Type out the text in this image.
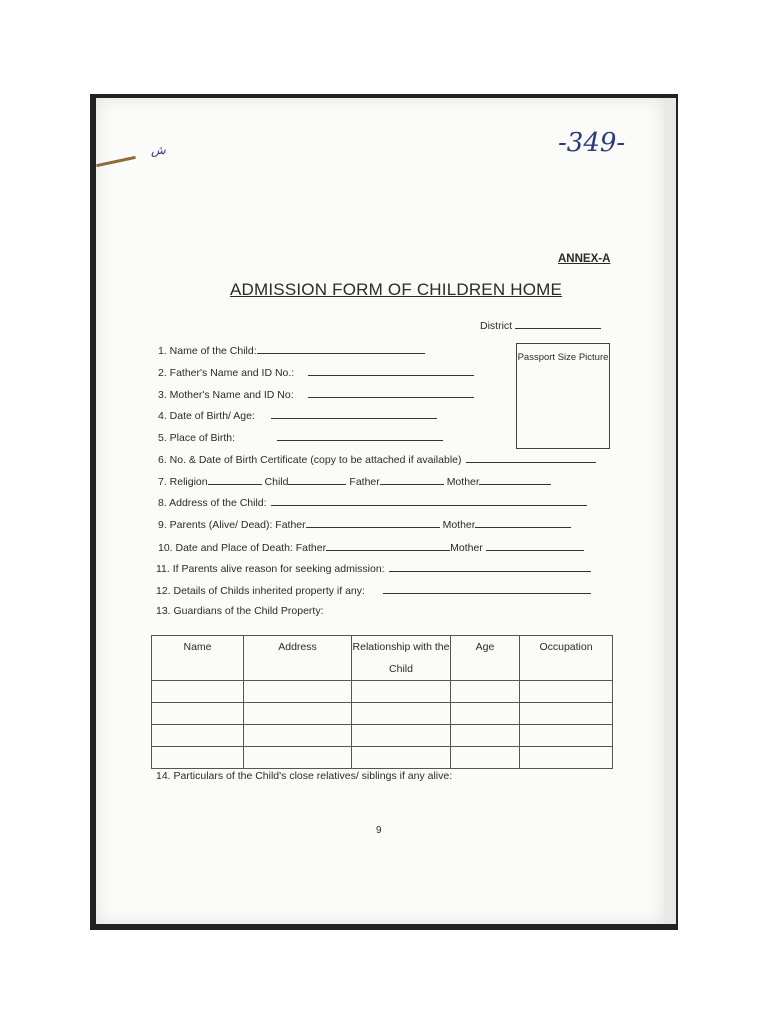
ش	-349-
ANNEX-A
ADMISSION FORM OF CHILDREN HOME
District
Passport Size Picture
1. Name of the Child:
2. Father's Name and ID No.:
3. Mother's Name and ID No:
4. Date of Birth/ Age:
5. Place of Birth:
6. No. & Date of Birth Certificate (copy to be attached if available)
7. Religion	Child	Father	Mother
8. Address of the Child:
9. Parents (Alive/ Dead): Father	Mother
10. Date and Place of Death: Father	Mother
11. If Parents alive reason for seeking admission:
12. Details of Childs inherited property if any:
13. Guardians of the Child Property:
Name	Address	Relationship with the Child	Age	Occupation

14. Particulars of the Child's close relatives/ siblings if any alive:
9
